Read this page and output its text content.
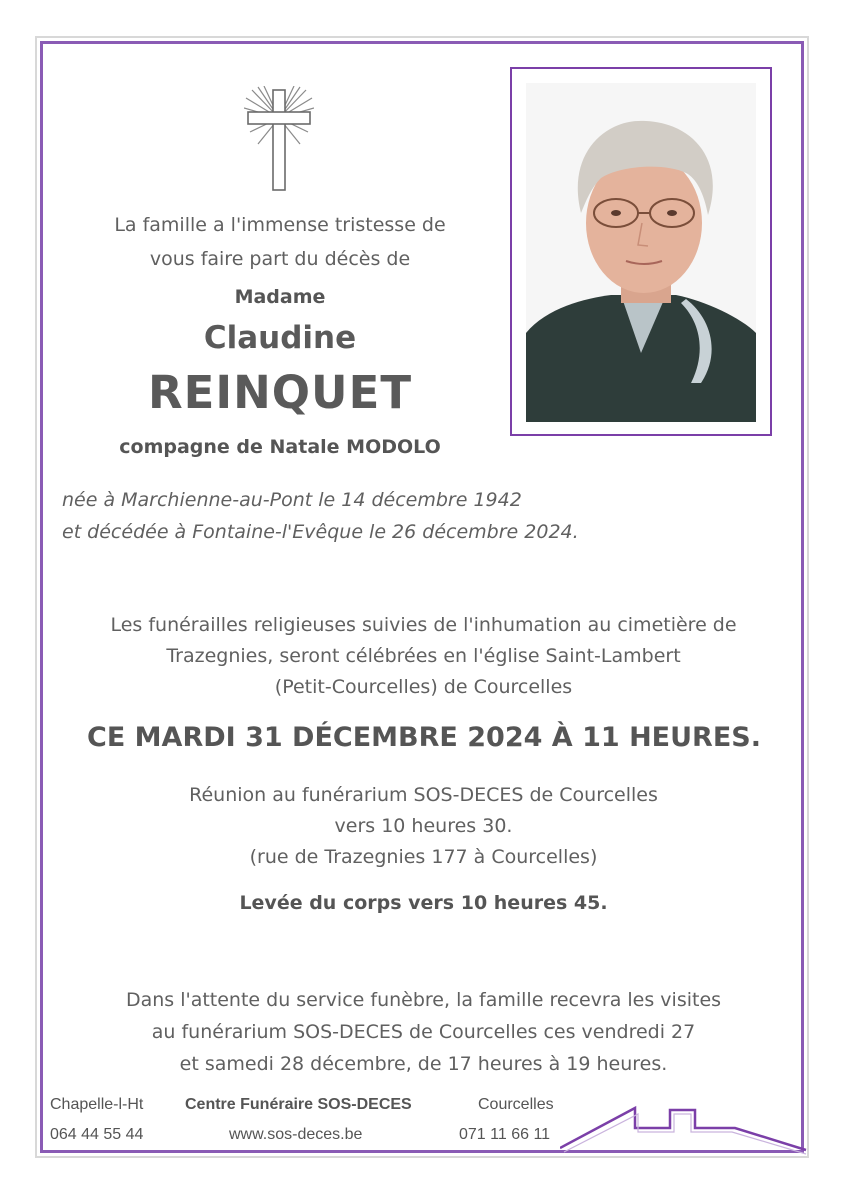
La famille a l'immense tristesse de
vous faire part du décès de
Madame
Claudine
REINQUET
compagne de Natale MODOLO
née à Marchienne-au-Pont le 14 décembre 1942
et décédée à Fontaine-l'Evêque le 26 décembre 2024.
Les funérailles religieuses suivies de l'inhumation au cimetière de
Trazegnies, seront célébrées en l'église Saint-Lambert
(Petit-Courcelles) de Courcelles
CE MARDI 31 DÉCEMBRE 2024 À 11 HEURES.
Réunion au funérarium SOS-DECES de Courcelles
vers 10 heures 30.
(rue de Trazegnies 177 à Courcelles)
Levée du corps vers 10 heures 45.
Dans l'attente du service funèbre, la famille recevra les visites
au funérarium SOS-DECES de Courcelles ces vendredi 27
et samedi 28 décembre, de 17 heures à 19 heures.
Chapelle-l-Ht
064 44 55 44
Centre Funéraire SOS-DECES
www.sos-deces.be
Courcelles
071 11 66 11
